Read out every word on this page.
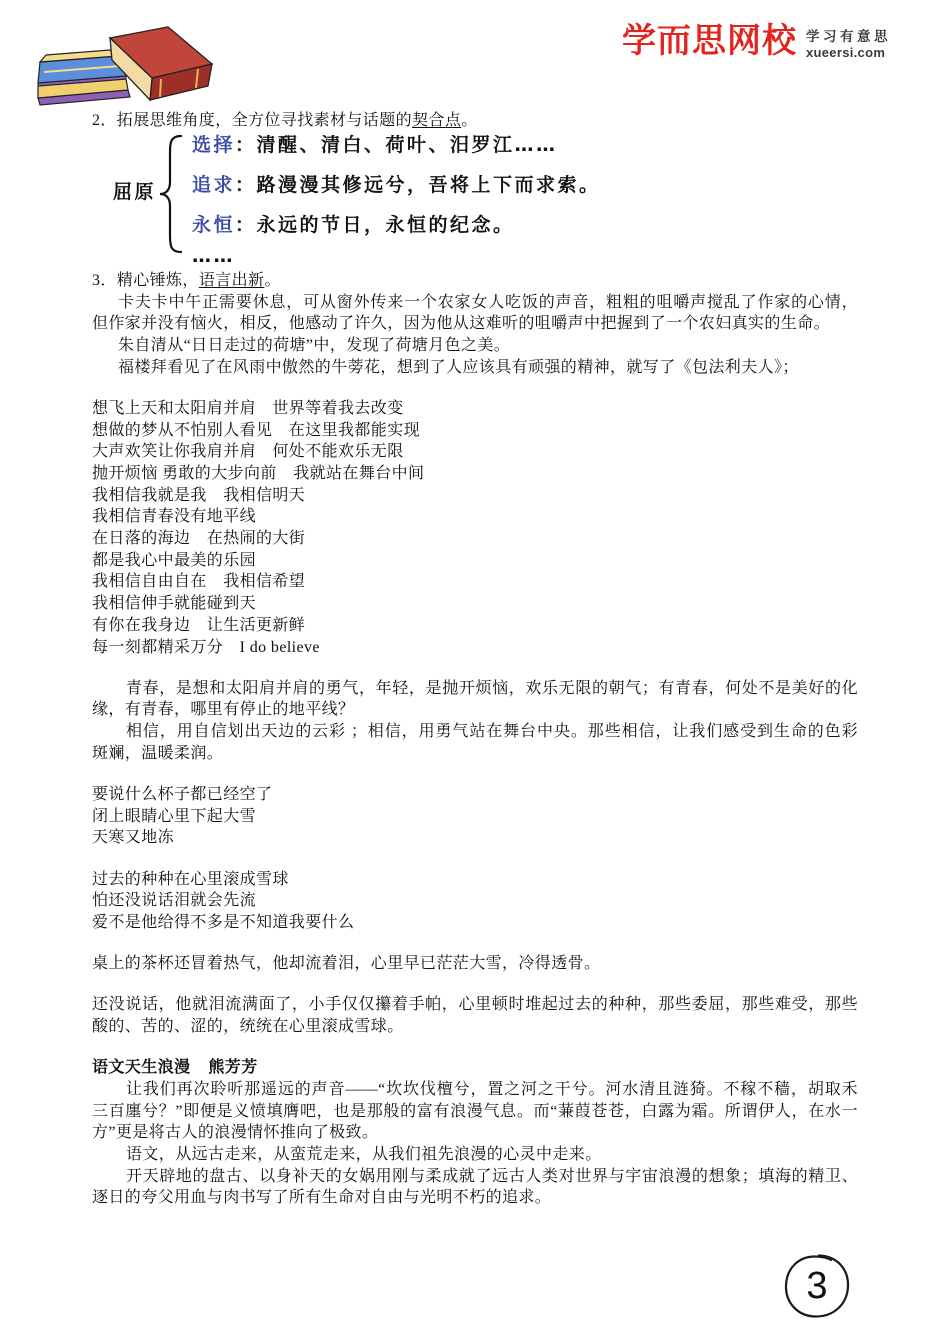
学而思网校 学习有意思
xueersi.com
2．拓展思维角度，全方位寻找素材与话题的契合点。
屈原
选择：清醒、清白、荷叶、汨罗江……
追求：路漫漫其修远兮，吾将上下而求索。
永恒：永远的节日，永恒的纪念。
……
3．精心锤炼，语言出新。
卡夫卡中午正需要休息，可从窗外传来一个农家女人吃饭的声音，粗粗的咀嚼声搅乱了作家的心情，
但作家并没有恼火，相反，他感动了许久，因为他从这难听的咀嚼声中把握到了一个农妇真实的生命。
朱自清从“日日走过的荷塘”中，发现了荷塘月色之美。
福楼拜看见了在风雨中傲然的牛蒡花，想到了人应该具有顽强的精神，就写了《包法利夫人》；
想飞上天和太阳肩并肩　世界等着我去改变
想做的梦从不怕别人看见　在这里我都能实现
大声欢笑让你我肩并肩　何处不能欢乐无限
抛开烦恼 勇敢的大步向前　我就站在舞台中间
我相信我就是我　我相信明天
我相信青春没有地平线
在日落的海边　在热闹的大街
都是我心中最美的乐园
我相信自由自在　我相信希望
我相信伸手就能碰到天
有你在我身边　让生活更新鲜
每一刻都精采万分　I do believe
青春，是想和太阳肩并肩的勇气，年轻，是抛开烦恼，欢乐无限的朝气；有青春，何处不是美好的化
缘，有青春，哪里有停止的地平线？
相信，用自信划出天边的云彩 ；相信，用勇气站在舞台中央。那些相信，让我们感受到生命的色彩
斑斓，温暖柔润。
要说什么杯子都已经空了
闭上眼睛心里下起大雪
天寒又地冻
过去的种种在心里滚成雪球
怕还没说话泪就会先流
爱不是他给得不多是不知道我要什么
桌上的茶杯还冒着热气，他却流着泪，心里早已茫茫大雪，冷得透骨。
还没说话，他就泪流满面了，小手仅仅攥着手帕，心里顿时堆起过去的种种，那些委屈，那些难受，那些
酸的、苦的、涩的，统统在心里滚成雪球。
语文天生浪漫 熊芳芳
让我们再次聆听那遥远的声音——“坎坎伐檀兮，置之河之干兮。河水清且涟猗。不稼不穑，胡取禾
三百廛兮？”即便是义愤填膺吧，也是那般的富有浪漫气息。而“蒹葭苍苍，白露为霜。所谓伊人，在水一
方”更是将古人的浪漫情怀推向了极致。
语文，从远古走来，从蛮荒走来，从我们祖先浪漫的心灵中走来。
开天辟地的盘古、以身补天的女娲用刚与柔成就了远古人类对世界与宇宙浪漫的想象；填海的精卫、
逐日的夸父用血与肉书写了所有生命对自由与光明不朽的追求。
3
